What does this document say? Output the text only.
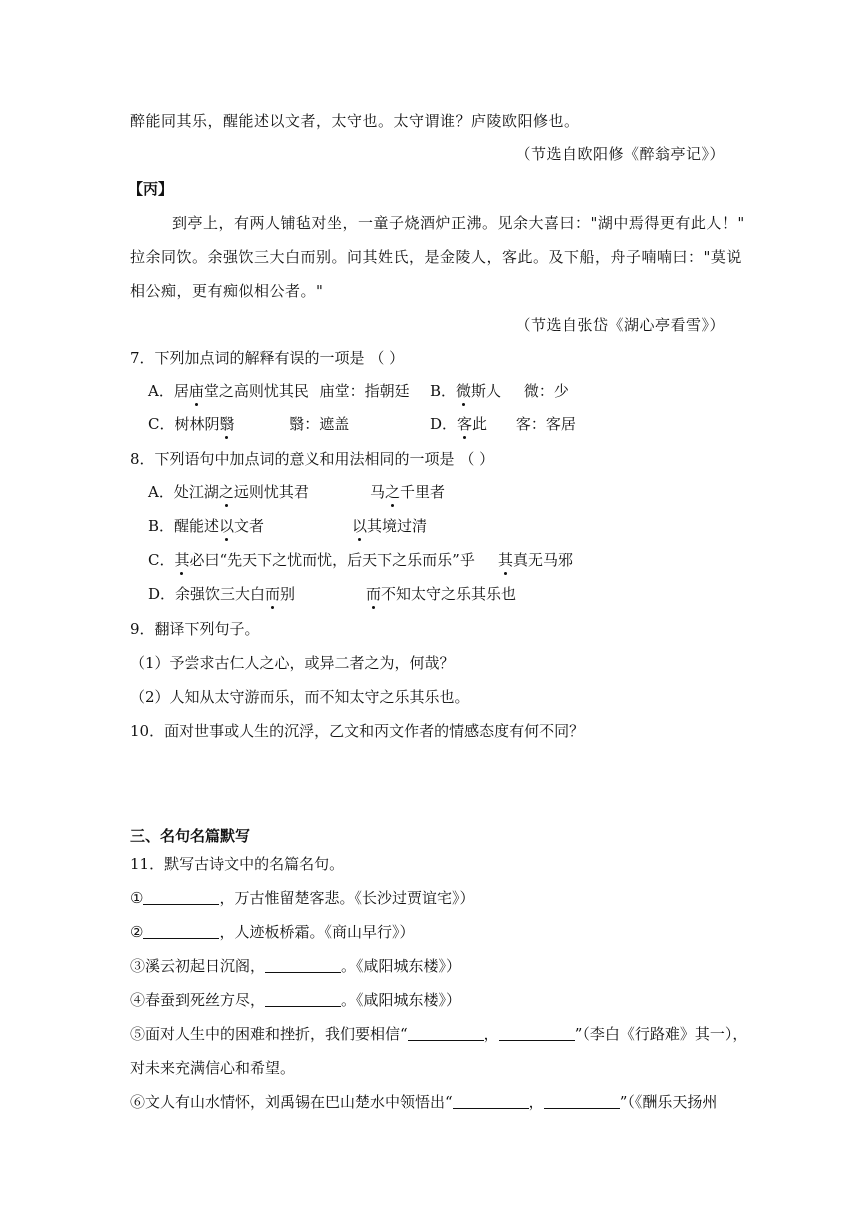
醉能同其乐，醒能述以文者，太守也。太守谓谁？庐陵欧阳修也。
（节选自欧阳修《醉翁亭记》）
【丙】
到亭上，有两人铺毡对坐，一童子烧酒炉正沸。见余大喜曰："湖中焉得更有此人！"
拉余同饮。余强饮三大白而别。问其姓氏，是金陵人，客此。及下船，舟子喃喃曰："莫说
相公痴，更有痴似相公者。"
（节选自张岱《湖心亭看雪》）
7．下列加点词的解释有误的一项是 （ ）
A．居庙堂之高则忧其民 庙堂：指朝廷 B．微斯人 微：少
C．树林阴翳	翳：遮盖	D．客此 客：客居
8．下列语句中加点词的意义和用法相同的一项是 （ ）
A．处江湖之远则忧其君	马之千里者
B．醒能述以文者	以其境过清
C．其必曰“先天下之忧而忧，后天下之乐而乐”乎 其真无马邪
D．余强饮三大白而别	而不知太守之乐其乐也
9．翻译下列句子。
（1）予尝求古仁人之心，或异二者之为，何哉？
（2）人知从太守游而乐，而不知太守之乐其乐也。
10．面对世事或人生的沉浮，乙文和丙文作者的情感态度有何不同？
三、名句名篇默写
11．默写古诗文中的名篇名句。
①	，万古惟留楚客悲。《长沙过贾谊宅》）
②	，人迹板桥霜。《商山早行》）
③溪云初起日沉阁，	。《咸阳城东楼》）
④春蚕到死丝方尽，	。《咸阳城东楼》）
⑤面对人生中的困难和挫折，我们要相信“	，	”（李白《行路难》其一），
对未来充满信心和希望。
⑥文人有山水情怀，刘禹锡在巴山楚水中领悟出“	，	”（《酬乐天扬州
